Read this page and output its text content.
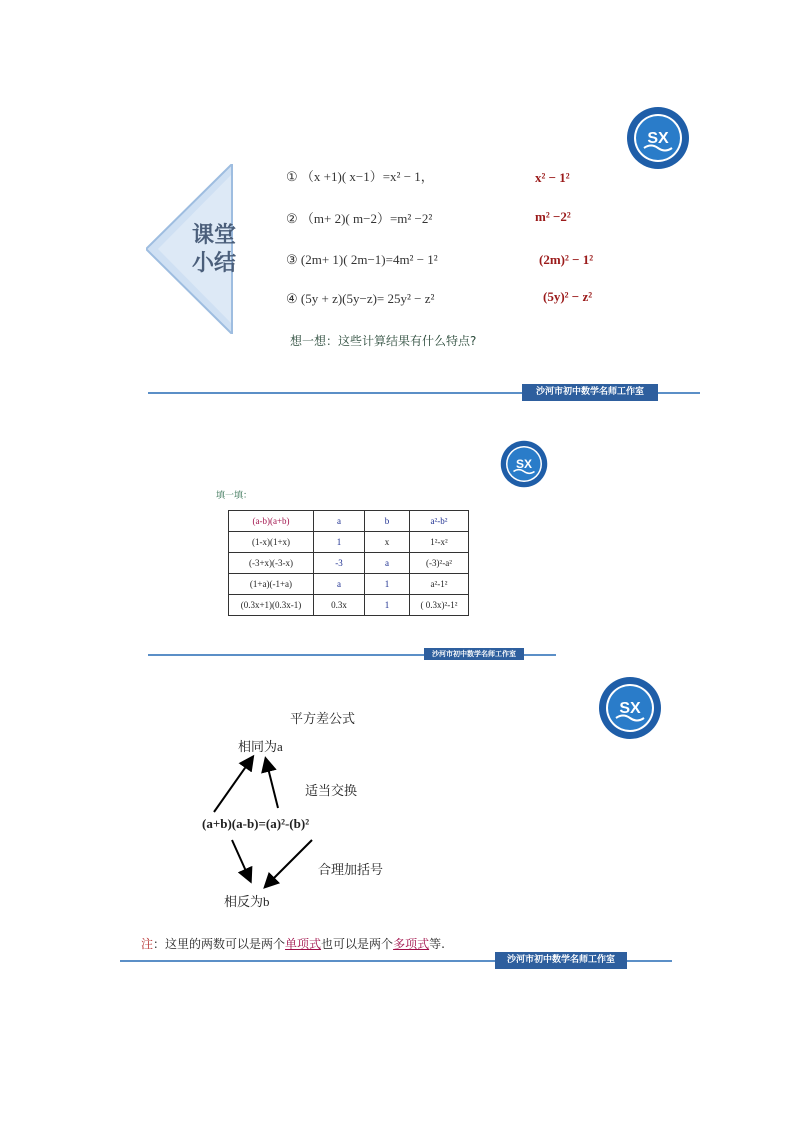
SX
课堂
小结
① （x +1)( x−1）=x² − 1，
② （m+ 2)( m−2）=m² −2²
③ (2m+ 1)( 2m−1)=4m² − 1²
④ (5y + z)(5y−z)= 25y² − z²
x² − 1²
m² −2²
(2m)² − 1²
(5y)² − z²
想一想：这些计算结果有什么特点?
沙河市初中数学名师工作室
SX
填一填：
(a-b)(a+b)	a	b	a²-b²
(1-x)(1+x)	1	x	1²-x²
(-3+x)(-3-x)	-3	a	(-3)²-a²
(1+a)(-1+a)	a	1	a²-1²
(0.3x+1)(0.3x-1)	0.3x	1	( 0.3x)²-1²
沙河市初中数学名师工作室
SX
平方差公式
相同为a
适当交换
(a+b)(a-b)=(a)²-(b)²
合理加括号
相反为b
注：这里的两数可以是两个单项式也可以是两个多项式等.
沙河市初中数学名师工作室
